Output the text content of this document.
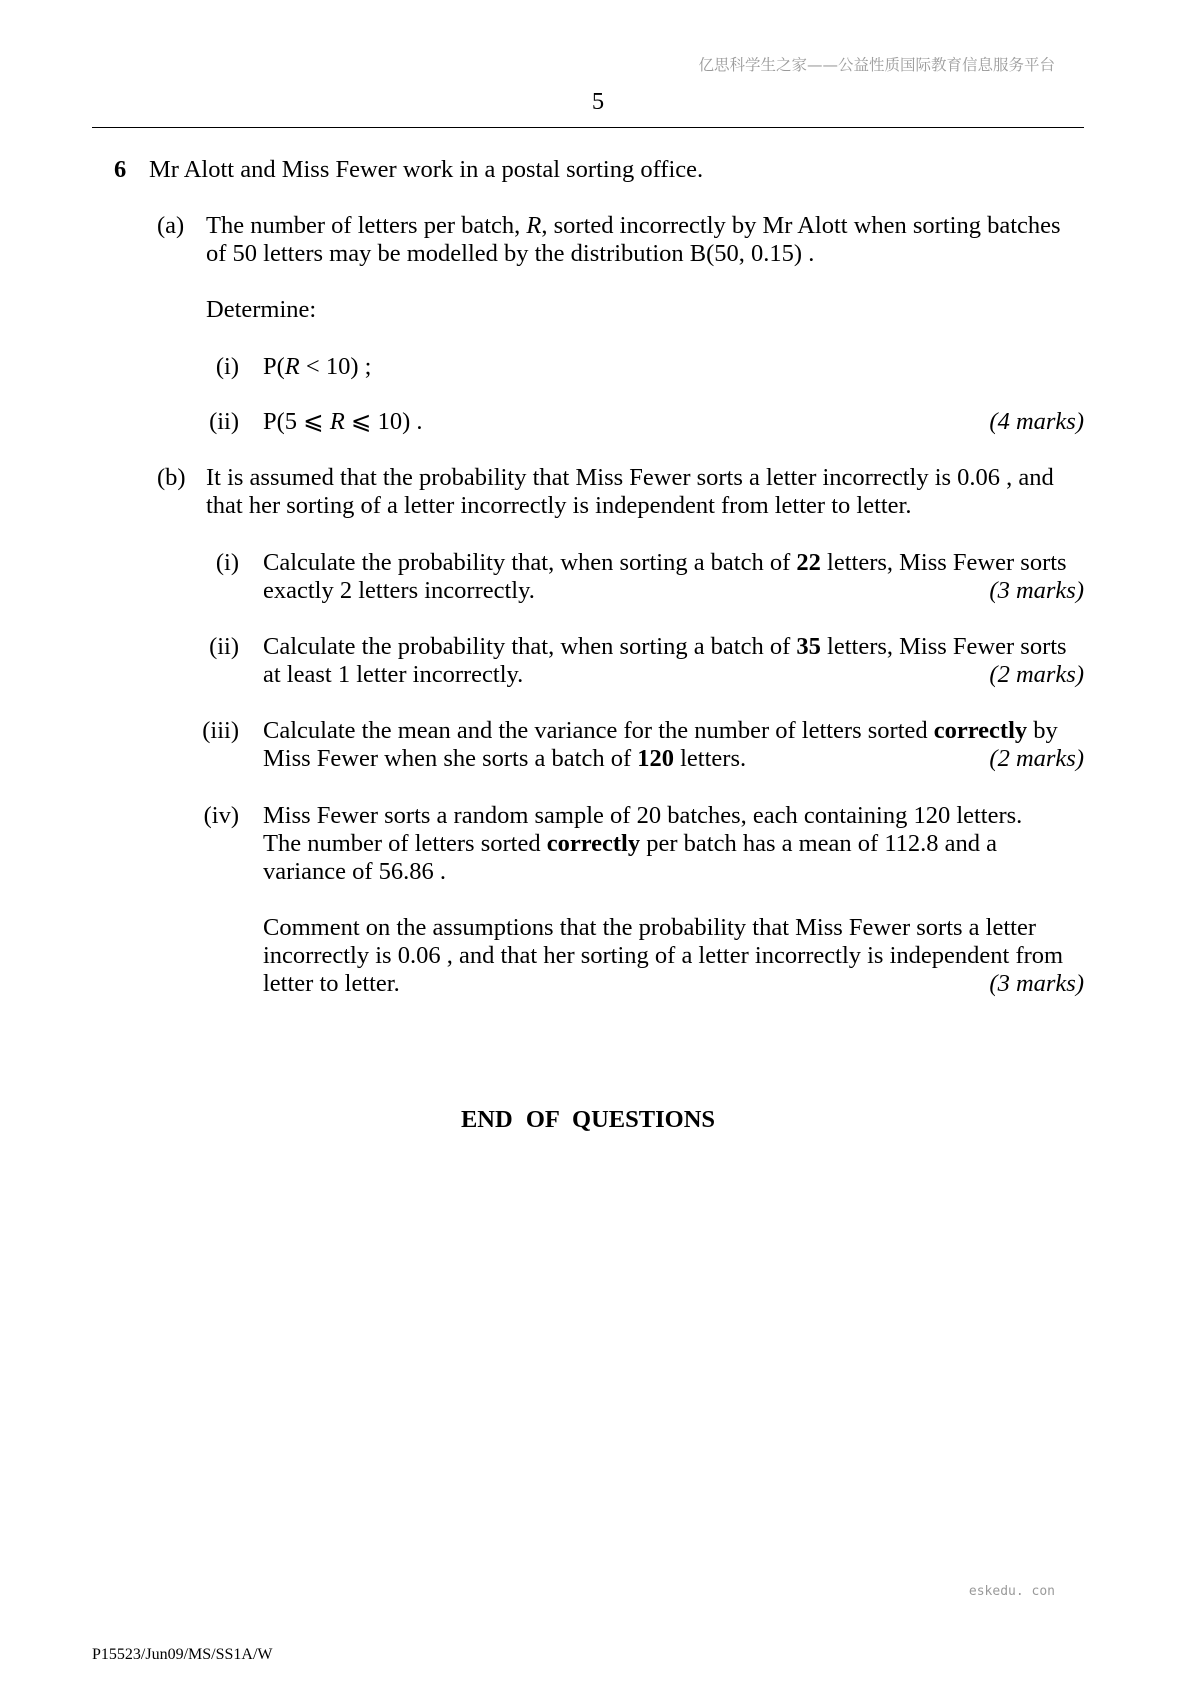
亿思科学生之家——公益性质国际教育信息服务平台
5
6 Mr Alott and Miss Fewer work in a postal sorting office.
(a) The number of letters per batch, R, sorted incorrectly by Mr Alott when sorting batches
of 50 letters may be modelled by the distribution B(50, 0.15) .
Determine:
(i) P(R < 10) ;
(ii) P(5 ⩽ R ⩽ 10) .	(4 marks)
(b) It is assumed that the probability that Miss Fewer sorts a letter incorrectly is 0.06 , and
that her sorting of a letter incorrectly is independent from letter to letter.
(i) Calculate the probability that, when sorting a batch of 22 letters, Miss Fewer sorts
exactly 2 letters incorrectly.	(3 marks)
(ii) Calculate the probability that, when sorting a batch of 35 letters, Miss Fewer sorts
at least 1 letter incorrectly.	(2 marks)
(iii) Calculate the mean and the variance for the number of letters sorted correctly by
Miss Fewer when she sorts a batch of 120 letters.	(2 marks)
(iv) Miss Fewer sorts a random sample of 20 batches, each containing 120 letters.
The number of letters sorted correctly per batch has a mean of 112.8 and a
variance of 56.86 .
Comment on the assumptions that the probability that Miss Fewer sorts a letter
incorrectly is 0.06 , and that her sorting of a letter incorrectly is independent from
letter to letter.	(3 marks)
END OF QUESTIONS
eskedu. con
P15523/Jun09/MS/SS1A/W
